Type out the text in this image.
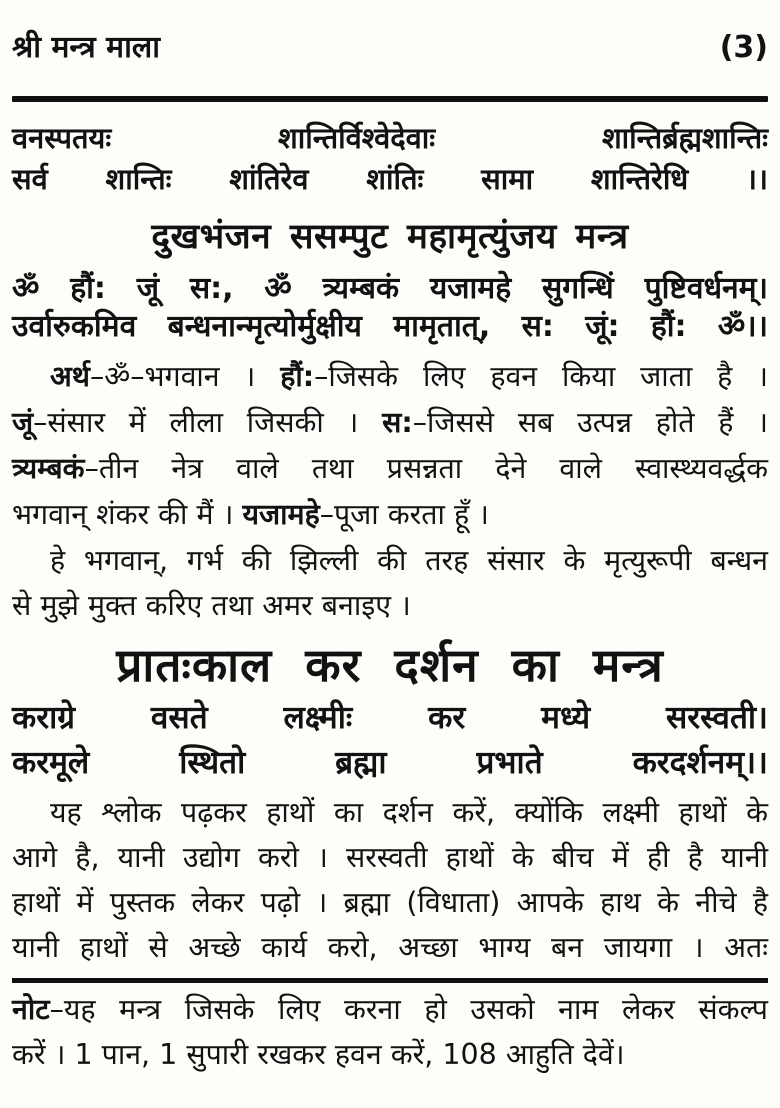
श्री मन्त्र माला	(3)
वनस्पतयः शान्तिर्विश्वेदेवाः शान्तिर्ब्रह्मशान्तिः
सर्व शान्तिः शांतिरेव शांतिः सामा शान्तिरेधि ।।
दुखभंजन ससम्पुट महामृत्युंजय मन्त्र
ॐ हौं: जूं स:, ॐ त्र्यम्बकं यजामहे सुगन्धिं पुष्टिवर्धनम्।
उर्वारुकमिव बन्धनान्मृत्योर्मुक्षीय मामृतात्, स: जूं: हौं: ॐ।।
अर्थ–ॐ–भगवान । हौं:–जिसके लिए हवन किया जाता है ।
जूं–संसार में लीला जिसकी । स:–जिससे सब उत्पन्न होते हैं ।
त्र्यम्बकं–तीन नेत्र वाले तथा प्रसन्नता देने वाले स्वास्थ्यवर्द्धक
भगवान् शंकर की मैं । यजामहे–पूजा करता हूँ ।
हे भगवान्, गर्भ की झिल्ली की तरह संसार के मृत्युरूपी बन्धन
से मुझे मुक्त करिए तथा अमर बनाइए ।
प्रातःकाल कर दर्शन का मन्त्र
कराग्रे वसते लक्ष्मीः कर मध्ये सरस्वती।
करमूले स्थितो ब्रह्मा प्रभाते करदर्शनम्।।
यह श्लोक पढ़कर हाथों का दर्शन करें, क्योंकि लक्ष्मी हाथों के
आगे है, यानी उद्योग करो । सरस्वती हाथों के बीच में ही है यानी
हाथों में पुस्तक लेकर पढ़ो । ब्रह्मा (विधाता) आपके हाथ के नीचे है
यानी हाथों से अच्छे कार्य करो, अच्छा भाग्य बन जायगा । अतः
नोट–यह मन्त्र जिसके लिए करना हो उसको नाम लेकर संकल्प
करें । 1 पान, 1 सुपारी रखकर हवन करें, 108 आहुति देवें।
